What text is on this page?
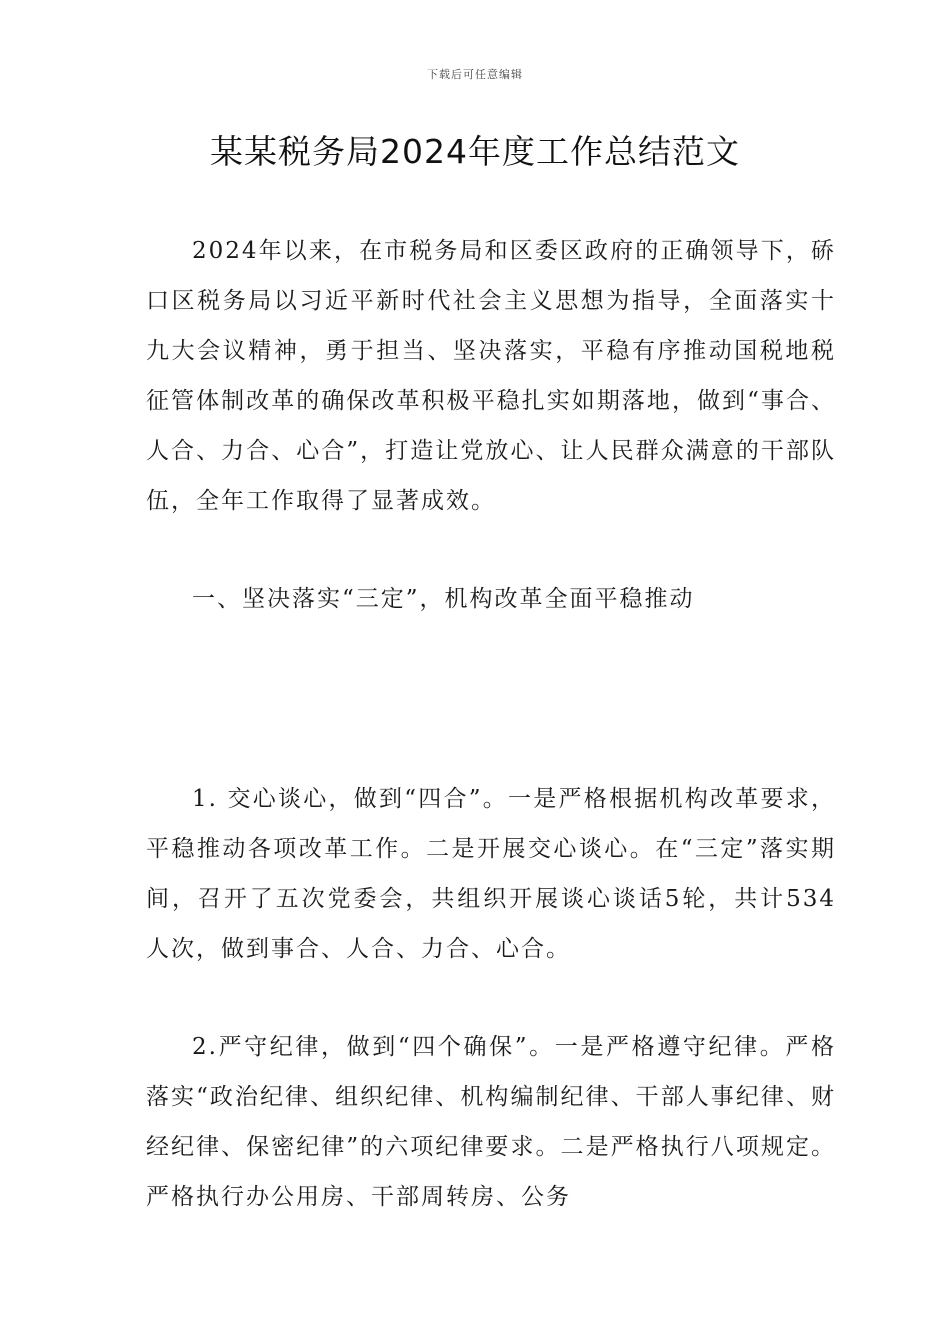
下载后可任意编辑
某某税务局2024年度工作总结范文

2024年以来，在市税务局和区委区政府的正确领导下，硚口区税务局以习近平新时代社会主义思想为指导，全面落实十九大会议精神，勇于担当、坚决落实，平稳有序推动国税地税征管体制改革的确保改革积极平稳扎实如期落地，做到“事合、人合、力合、心合”，打造让党放心、让人民群众满意的干部队伍，全年工作取得了显著成效。

一、坚决落实“三定”，机构改革全面平稳推动

1. 交心谈心，做到“四合”。一是严格根据机构改革要求，平稳推动各项改革工作。二是开展交心谈心。在“三定”落实期间，召开了五次党委会，共组织开展谈心谈话5轮，共计534人次，做到事合、人合、力合、心合。

2.严守纪律，做到“四个确保”。一是严格遵守纪律。严格落实“政治纪律、组织纪律、机构编制纪律、干部人事纪律、财经纪律、保密纪律”的六项纪律要求。二是严格执行八项规定。严格执行办公用房、干部周转房、公务
